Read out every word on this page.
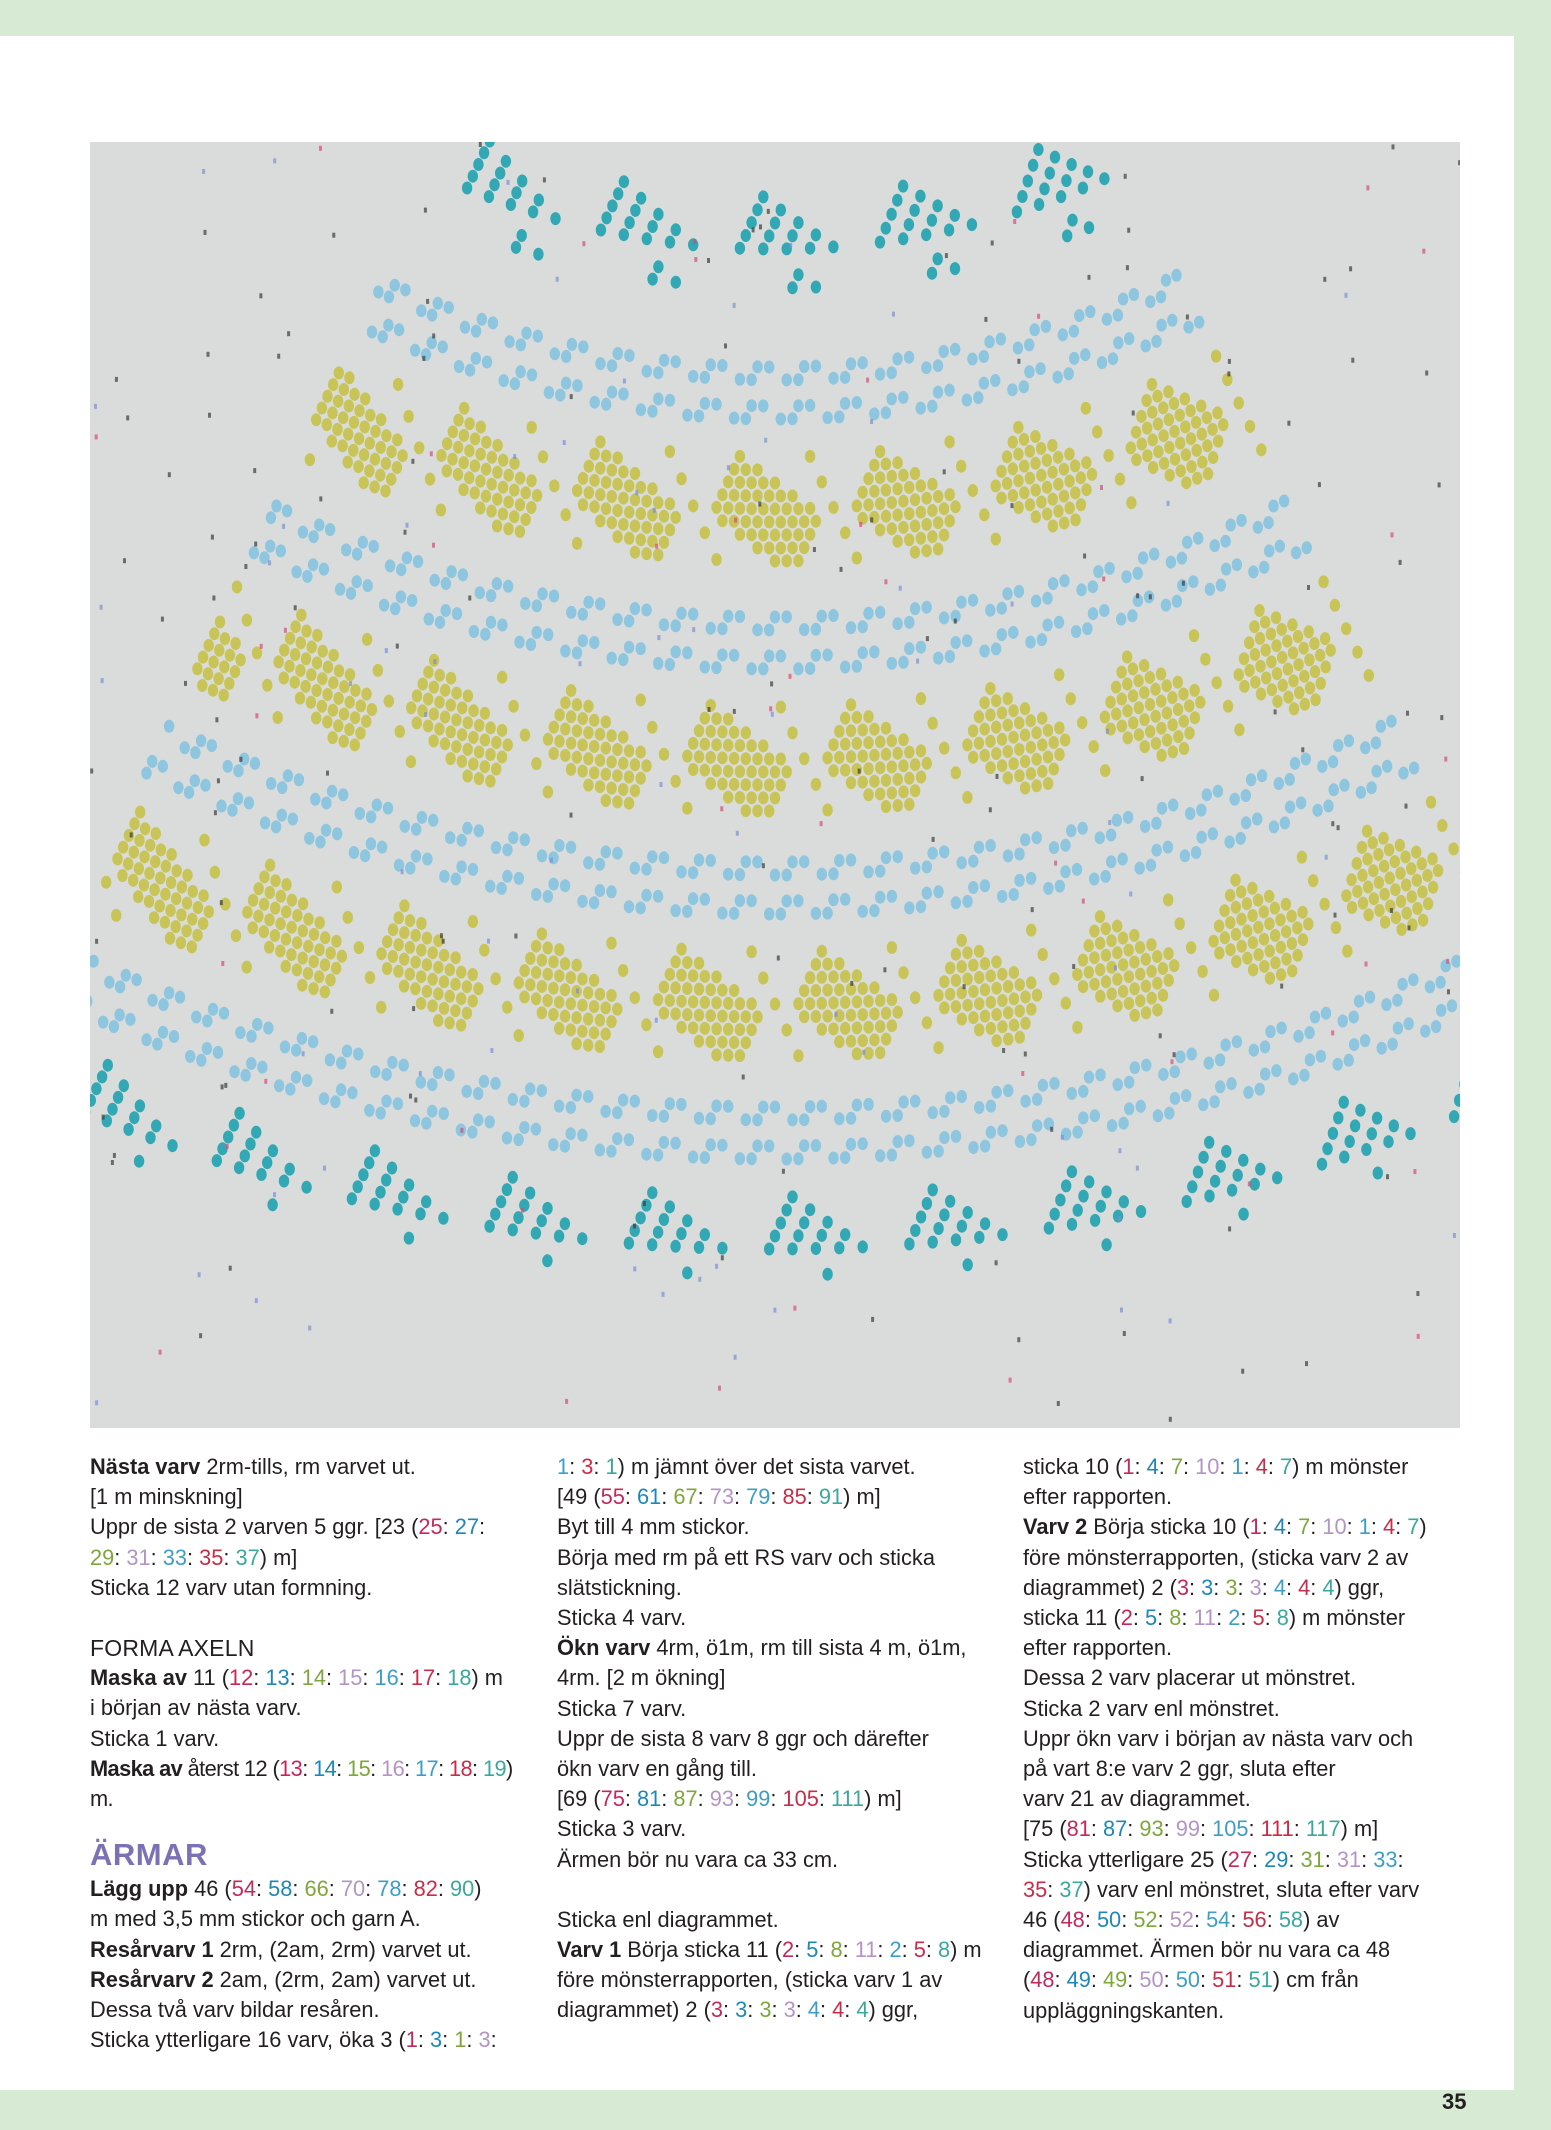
Nästa varv 2rm-tills, rm varvet ut.

[1 m minskning]

Uppr de sista 2 varven 5 ggr. [23 (25: 27:

29: 31: 33: 35: 37) m]

Sticka 12 varv utan formning.

FORMA AXELN

Maska av 11 (12: 13: 14: 15: 16: 17: 18) m

i början av nästa varv.

Sticka 1 varv.

Maska av återst 12 (13: 14: 15: 16: 17: 18: 19) m.

ÄRMAR

Lägg upp 46 (54: 58: 66: 70: 78: 82: 90)

m med 3,5 mm stickor och garn A.

Resårvarv 1 2rm, (2am, 2rm) varvet ut.

Resårvarv 2 2am, (2rm, 2am) varvet ut.

Dessa två varv bildar resåren.

Sticka ytterligare 16 varv, öka 3 (1: 3: 1: 3:

1: 3: 1) m jämnt över det sista varvet.

[49 (55: 61: 67: 73: 79: 85: 91) m]

Byt till 4 mm stickor.

Börja med rm på ett RS varv och sticka

slätstickning.

Sticka 4 varv.

Ökn varv 4rm, ö1m, rm till sista 4 m, ö1m,

4rm. [2 m ökning]

Sticka 7 varv.

Uppr de sista 8 varv 8 ggr och därefter

ökn varv en gång till.

[69 (75: 81: 87: 93: 99: 105: 111) m]

Sticka 3 varv.

Ärmen bör nu vara ca 33 cm.

Sticka enl diagrammet.

Varv 1 Börja sticka 11 (2: 5: 8: 11: 2: 5: 8) m

före mönsterrapporten, (sticka varv 1 av

diagrammet) 2 (3: 3: 3: 3: 4: 4: 4) ggr,

sticka 10 (1: 4: 7: 10: 1: 4: 7) m mönster

efter rapporten.

Varv 2 Börja sticka 10 (1: 4: 7: 10: 1: 4: 7)

före mönsterrapporten, (sticka varv 2 av

diagrammet) 2 (3: 3: 3: 3: 4: 4: 4) ggr,

sticka 11 (2: 5: 8: 11: 2: 5: 8) m mönster

efter rapporten.

Dessa 2 varv placerar ut mönstret.

Sticka 2 varv enl mönstret.

Uppr ökn varv i början av nästa varv och

på vart 8:e varv 2 ggr, sluta efter

varv 21 av diagrammet.

[75 (81: 87: 93: 99: 105: 111: 117) m]

Sticka ytterligare 25 (27: 29: 31: 31: 33:

35: 37) varv enl mönstret, sluta efter varv

46 (48: 50: 52: 52: 54: 56: 58) av

diagrammet. Ärmen bör nu vara ca 48

(48: 49: 49: 50: 50: 51: 51) cm från

uppläggningskanten.

35
